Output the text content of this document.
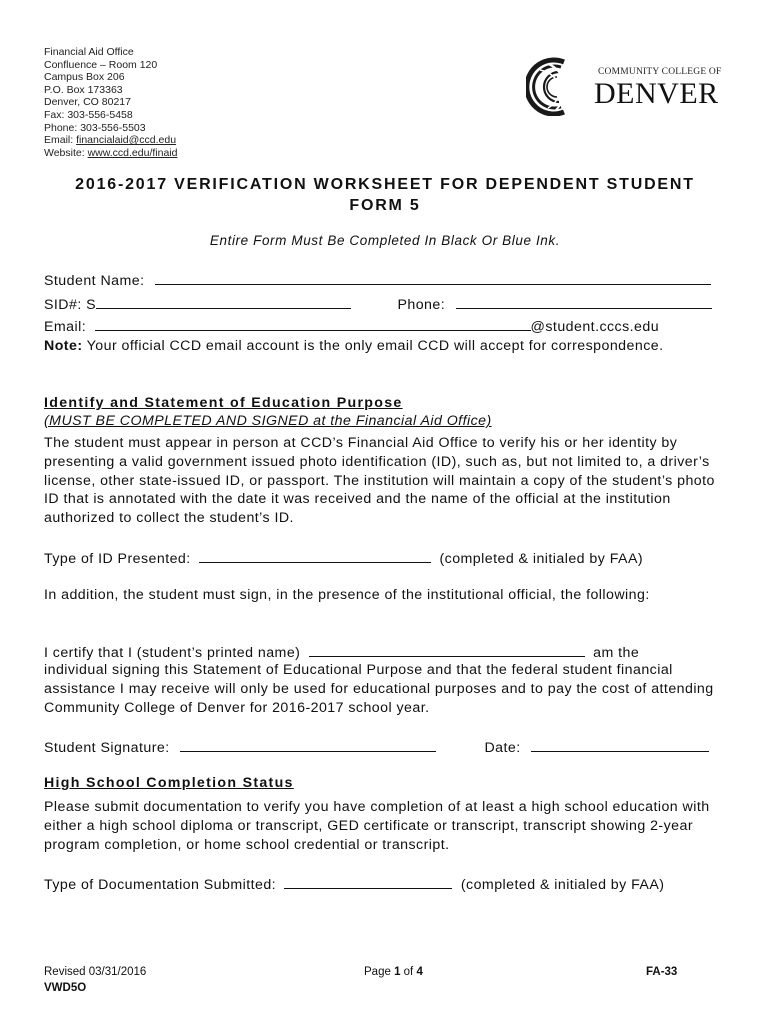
Financial Aid Office
Confluence – Room 120
Campus Box 206
P.O. Box 173363
Denver, CO 80217
Fax: 303-556-5458
Phone: 303-556-5503
Email: financialaid@ccd.edu
Website: www.ccd.edu/finaid
COMMUNITY COLLEGE OF
DENVER
2016-2017 VERIFICATION WORKSHEET FOR DEPENDENT STUDENT
FORM 5
Entire Form Must Be Completed In Black Or Blue Ink.
Student Name:
SID#: S	Phone:
Email:	@student.cccs.edu
Note: Your official CCD email account is the only email CCD will accept for correspondence.
Identify and Statement of Education Purpose
(MUST BE COMPLETED AND SIGNED at the Financial Aid Office)
The student must appear in person at CCD’s Financial Aid Office to verify his or her identity by presenting a valid government issued photo identification (ID), such as, but not limited to, a driver’s license, other state-issued ID, or passport. The institution will maintain a copy of the student’s photo ID that is annotated with the date it was received and the name of the official at the institution authorized to collect the student’s ID.
Type of ID Presented:	(completed & initialed by FAA)
In addition, the student must sign, in the presence of the institutional official, the following:
I certify that I (student’s printed name)	am the
individual signing this Statement of Educational Purpose and that the federal student financial assistance I may receive will only be used for educational purposes and to pay the cost of attending Community College of Denver for 2016-2017 school year.
Student Signature:	Date:
High School Completion Status
Please submit documentation to verify you have completion of at least a high school education with either a high school diploma or transcript, GED certificate or transcript, transcript showing 2-year program completion, or home school credential or transcript.
Type of Documentation Submitted:	(completed & initialed by FAA)
Revised 03/31/2016
VWD5O
Page 1 of 4	FA-33
